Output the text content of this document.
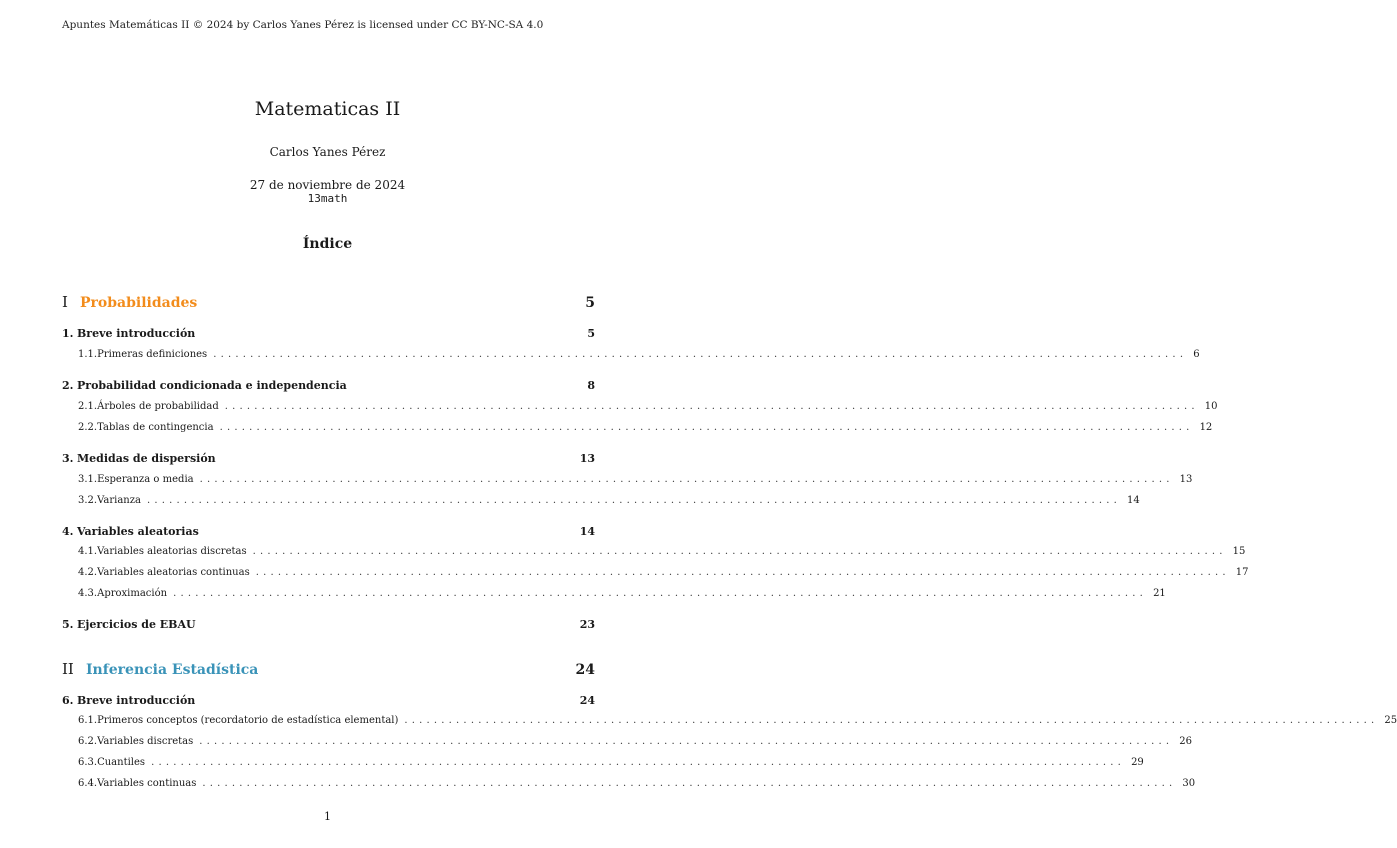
Apuntes Matemáticas II © 2024 by Carlos Yanes Pérez is licensed under CC BY-NC-SA 4.0
Matematicas II
Carlos Yanes Pérez
27 de noviembre de 2024
13math
Índice
I Probabilidades	5
1. Breve introducción	5
1.1. Primeras definiciones .................................................................................................................................... 6
2. Probabilidad condicionada e independencia	8
2.1. Árboles de probabilidad .................................................................................................................................... 10
2.2. Tablas de contingencia .................................................................................................................................... 12
3. Medidas de dispersión	13
3.1. Esperanza o media .................................................................................................................................... 13
3.2. Varianza .................................................................................................................................... 14
4. Variables aleatorias	14
4.1. Variables aleatorias discretas .................................................................................................................................... 15
4.2. Variables aleatorias continuas .................................................................................................................................... 17
4.3. Aproximación .................................................................................................................................... 21
5. Ejercicios de EBAU	23
II Inferencia Estadística	24
6. Breve introducción	24
6.1. Primeros conceptos (recordatorio de estadística elemental) .................................................................................................................................... 25
6.2. Variables discretas .................................................................................................................................... 26
6.3. Cuantiles .................................................................................................................................... 29
6.4. Variables continuas .................................................................................................................................... 30
1
